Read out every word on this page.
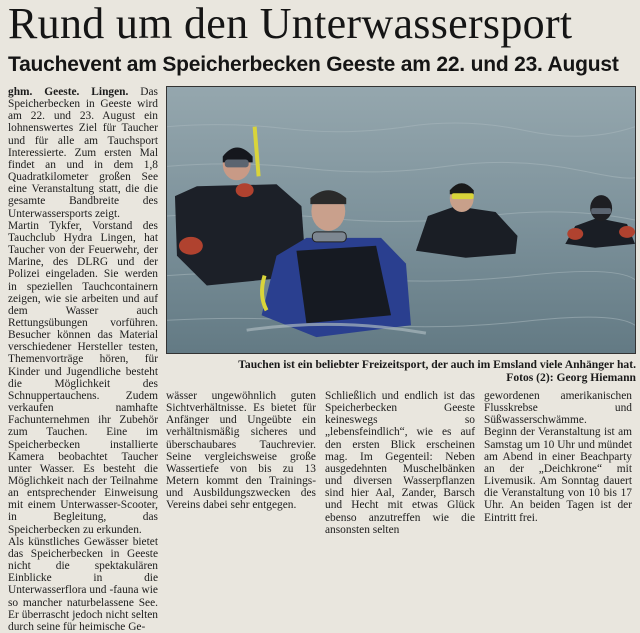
Rund um den Unterwassersport
Tauchevent am Speicherbecken Geeste am 22. und 23. August

ghm. Geeste. Lingen. Das Speicherbecken in Geeste wird am 22. und 23. August ein lohnenswertes Ziel für Taucher und für alle am Tauchsport Interessierte. Zum ersten Mal findet an und in dem 1,8 Quadratkilometer großen See eine Veranstaltung statt, die die gesamte Bandbreite des Unterwassersports zeigt.

Martin Tykfer, Vorstand des Tauchclub Hydra Lingen, hat Taucher von der Feuerwehr, der Marine, des DLRG und der Polizei eingeladen. Sie werden in speziellen Tauchcontainern zeigen, wie sie arbeiten und auf dem Wasser auch Rettungsübungen vorführen. Besucher können das Material verschiedener Hersteller testen, Themenvorträge hören, für Kinder und Jugendliche besteht die Möglichkeit des Schnuppertauchens. Zudem verkaufen namhafte Fachunternehmen ihr Zubehör zum Tauchen. Eine im Speicherbecken installierte Kamera beobachtet Taucher unter Wasser. Es besteht die Möglichkeit nach der Teilnahme an entsprechender Einweisung mit einem Unterwasser-Scooter, in Begleitung, das Speicherbecken zu erkunden.

Als künstliches Gewässer bietet das Speicherbecken in Geeste nicht die spektakulären Einblicke in die Unterwasserflora und -fauna wie so mancher naturbelassene See. Er überrascht jedoch nicht selten durch seine für heimische Ge-

Tauchen ist ein beliebter Freizeitsport, der auch im Emsland viele Anhänger hat.
Fotos (2): Georg Hiemann

wässer ungewöhnlich guten Sichtverhältnisse. Es bietet für Anfänger und Ungeübte ein verhältnismäßig sicheres und überschaubares Tauchrevier. Seine vergleichsweise große Wassertiefe von bis zu 13 Metern kommt den Trainings- und Ausbildungszwecken des Vereins dabei sehr entgegen.

Schließlich und endlich ist das Speicherbecken Geeste keineswegs so „lebensfeindlich“, wie es auf den ersten Blick erscheinen mag. Im Gegenteil: Neben ausgedehnten Muschelbänken und diversen Wasserpflanzen sind hier Aal, Zander, Barsch und Hecht mit etwas Glück ebenso anzutreffen wie die ansonsten selten

gewordenen amerikanischen Flusskrebse und Süßwasserschwämme.

Beginn der Veranstaltung ist am Samstag um 10 Uhr und mündet am Abend in einer Beachparty an der „Deichkrone“ mit Livemusik. Am Sonntag dauert die Veranstaltung von 10 bis 17 Uhr. An beiden Tagen ist der Eintritt frei.
